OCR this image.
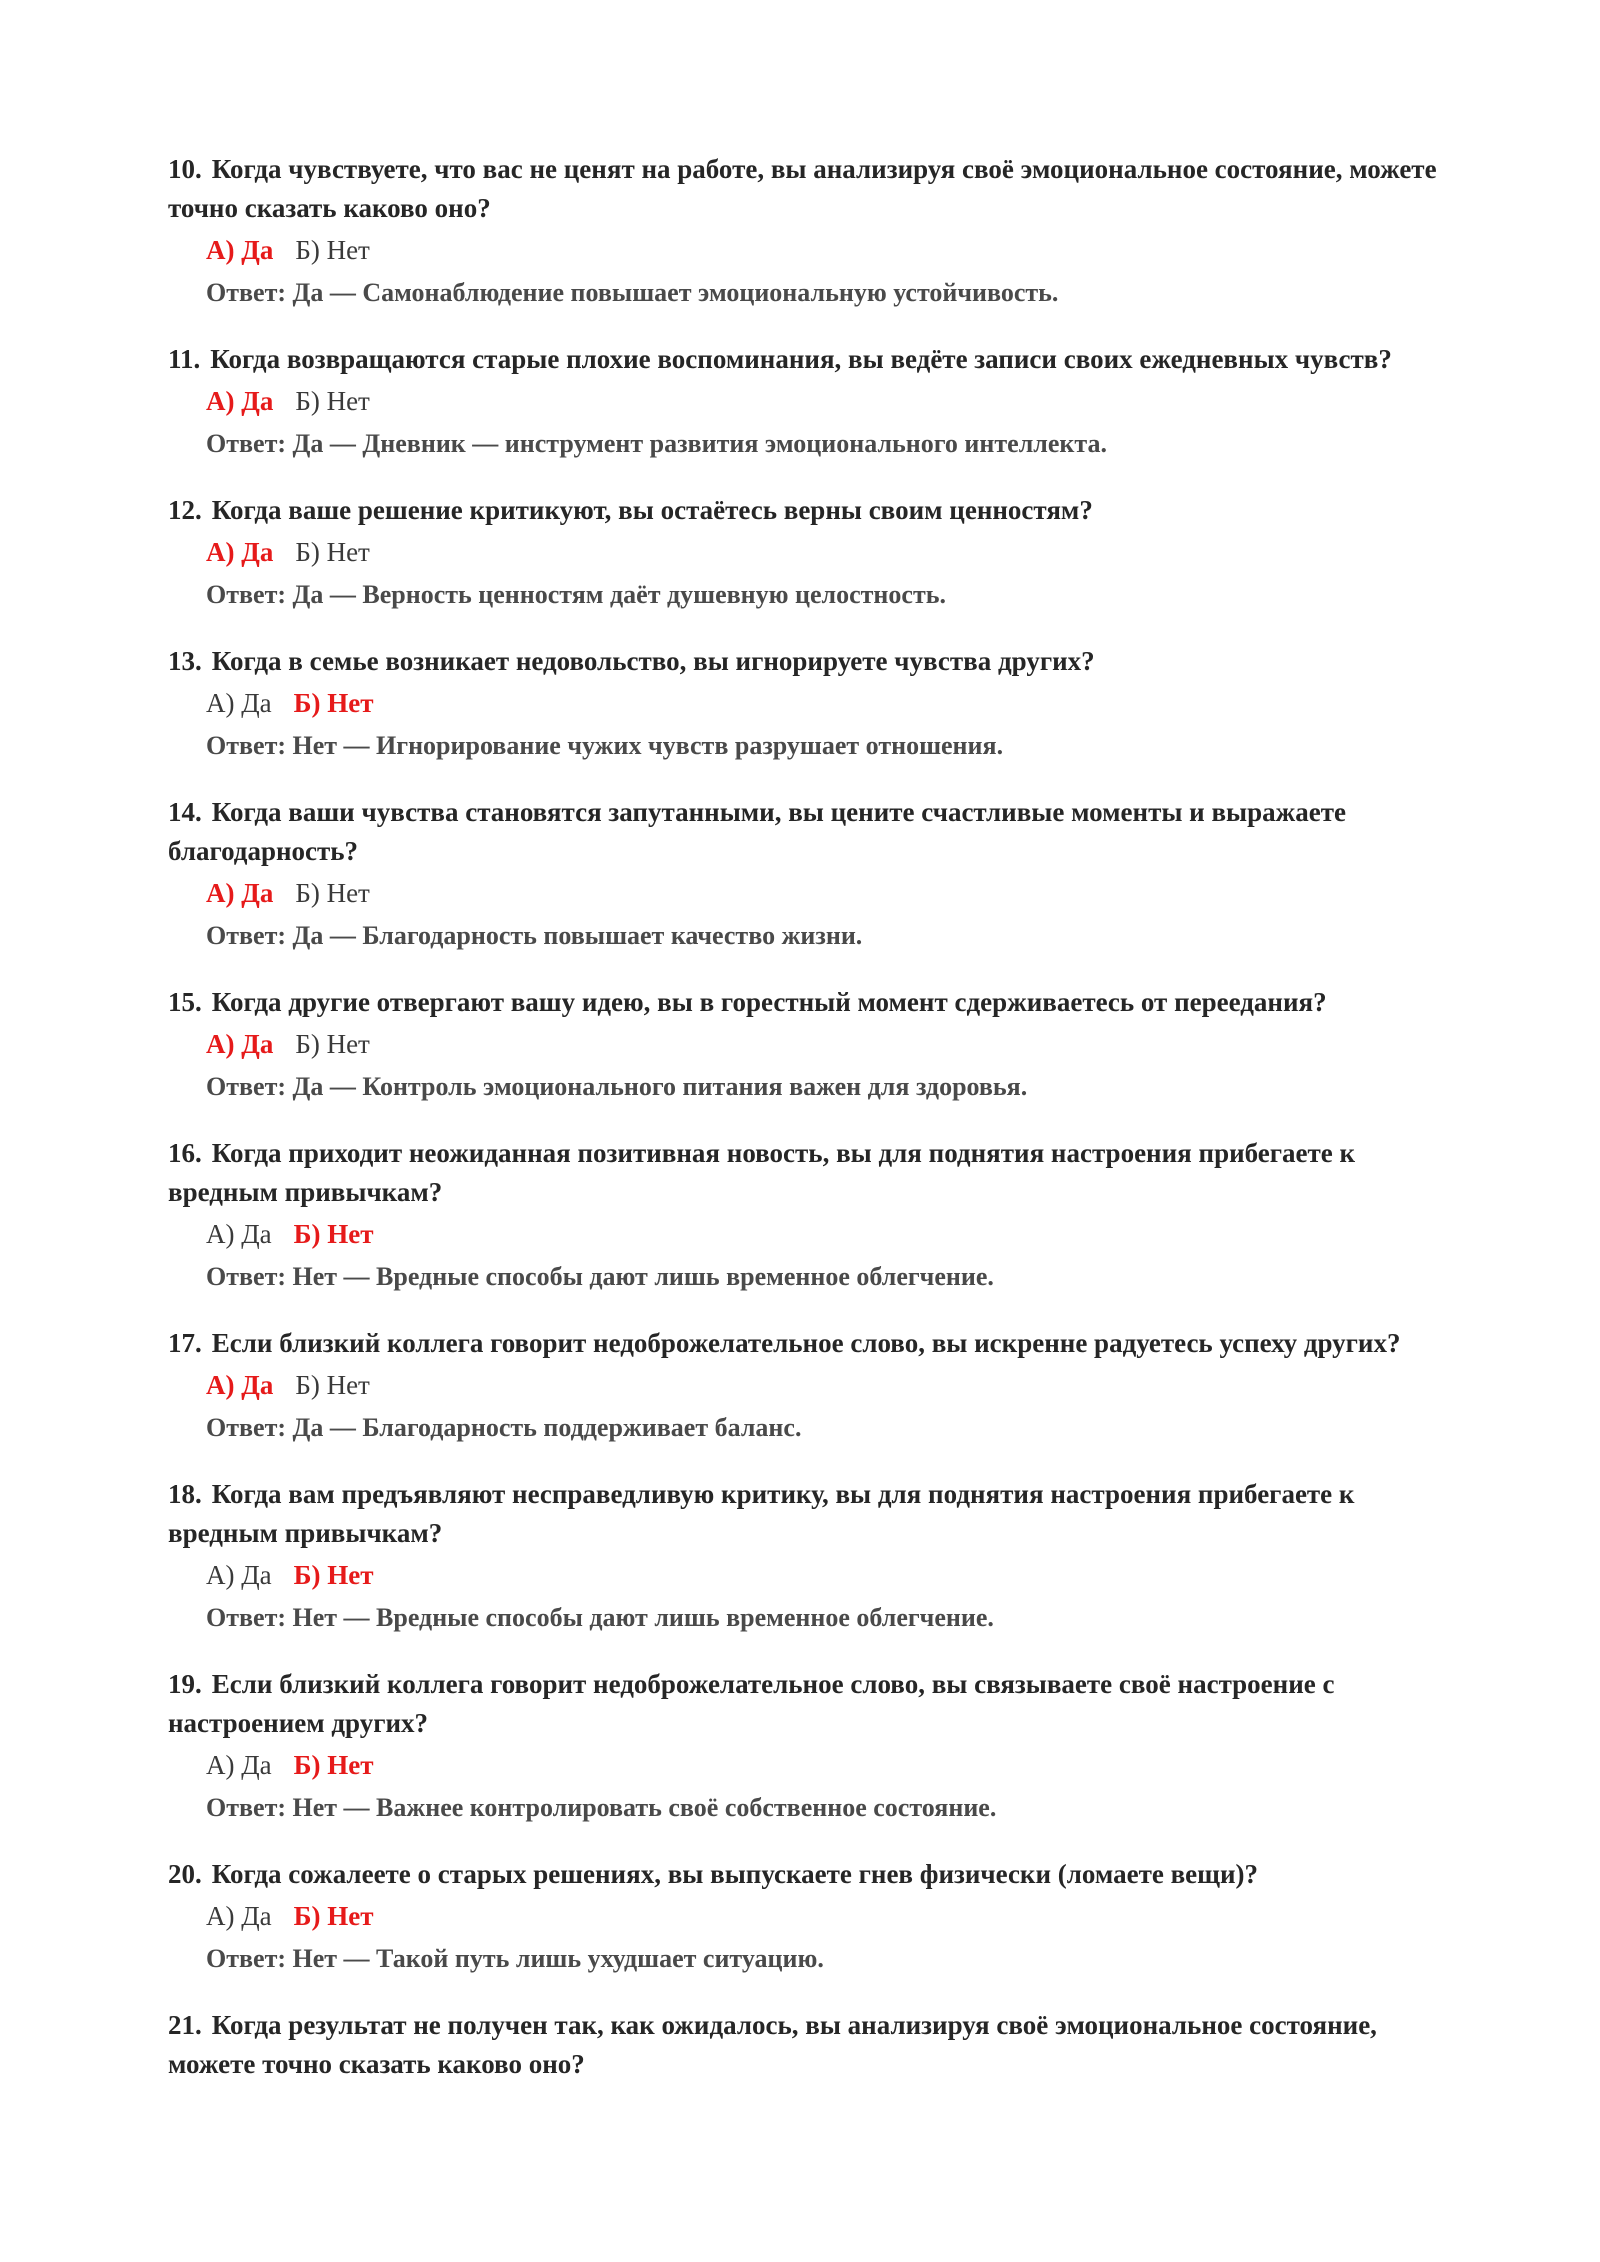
10. Когда чувствуете, что вас не ценят на работе, вы анализируя своё эмоциональное состояние, можете точно сказать каково оно?
А) Да Б) Нет
Ответ: Да — Самонаблюдение повышает эмоциональную устойчивость.
11. Когда возвращаются старые плохие воспоминания, вы ведёте записи своих ежедневных чувств?
А) Да Б) Нет
Ответ: Да — Дневник — инструмент развития эмоционального интеллекта.
12. Когда ваше решение критикуют, вы остаётесь верны своим ценностям?
А) Да Б) Нет
Ответ: Да — Верность ценностям даёт душевную целостность.
13. Когда в семье возникает недовольство, вы игнорируете чувства других?
А) Да Б) Нет
Ответ: Нет — Игнорирование чужих чувств разрушает отношения.
14. Когда ваши чувства становятся запутанными, вы цените счастливые моменты и выражаете благодарность?
А) Да Б) Нет
Ответ: Да — Благодарность повышает качество жизни.
15. Когда другие отвергают вашу идею, вы в горестный момент сдерживаетесь от переедания?
А) Да Б) Нет
Ответ: Да — Контроль эмоционального питания важен для здоровья.
16. Когда приходит неожиданная позитивная новость, вы для поднятия настроения прибегаете к вредным привычкам?
А) Да Б) Нет
Ответ: Нет — Вредные способы дают лишь временное облегчение.
17. Если близкий коллега говорит недоброжелательное слово, вы искренне радуетесь успеху других?
А) Да Б) Нет
Ответ: Да — Благодарность поддерживает баланс.
18. Когда вам предъявляют несправедливую критику, вы для поднятия настроения прибегаете к вредным привычкам?
А) Да Б) Нет
Ответ: Нет — Вредные способы дают лишь временное облегчение.
19. Если близкий коллега говорит недоброжелательное слово, вы связываете своё настроение с настроением других?
А) Да Б) Нет
Ответ: Нет — Важнее контролировать своё собственное состояние.
20. Когда сожалеете о старых решениях, вы выпускаете гнев физически (ломаете вещи)?
А) Да Б) Нет
Ответ: Нет — Такой путь лишь ухудшает ситуацию.
21. Когда результат не получен так, как ожидалось, вы анализируя своё эмоциональное состояние, можете точно сказать каково оно?
